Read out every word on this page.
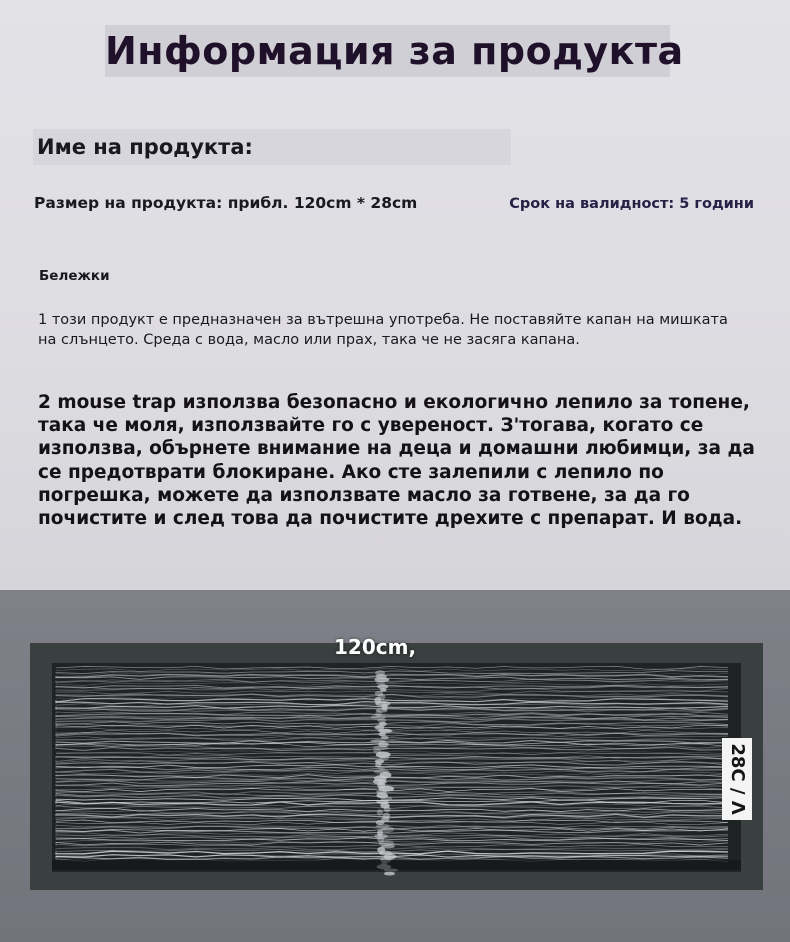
Информация за продукта
Име на продукта:
Размер на продукта: прибл. 120cm * 28cm	Срок на валидност: 5 години
Бележки
1 този продукт е предназначен за вътрешна употреба. Не поставяйте капан на мишката на слънцето. Среда с вода, масло или прах, така че не засяга капана.
2 mouse trap използва безопасно и екологично лепило за топене, така че моля, използвайте го с увереност. З'тогава, когато се използва, обърнете внимание на деца и домашни любимци, за да се предотврати блокиране. Ако сте залепили с лепило по погрешка, можете да използвате масло за готвене, за да го почистите и след това да почистите дрехите с препарат. И вода.
120cm,
28C / Λ
